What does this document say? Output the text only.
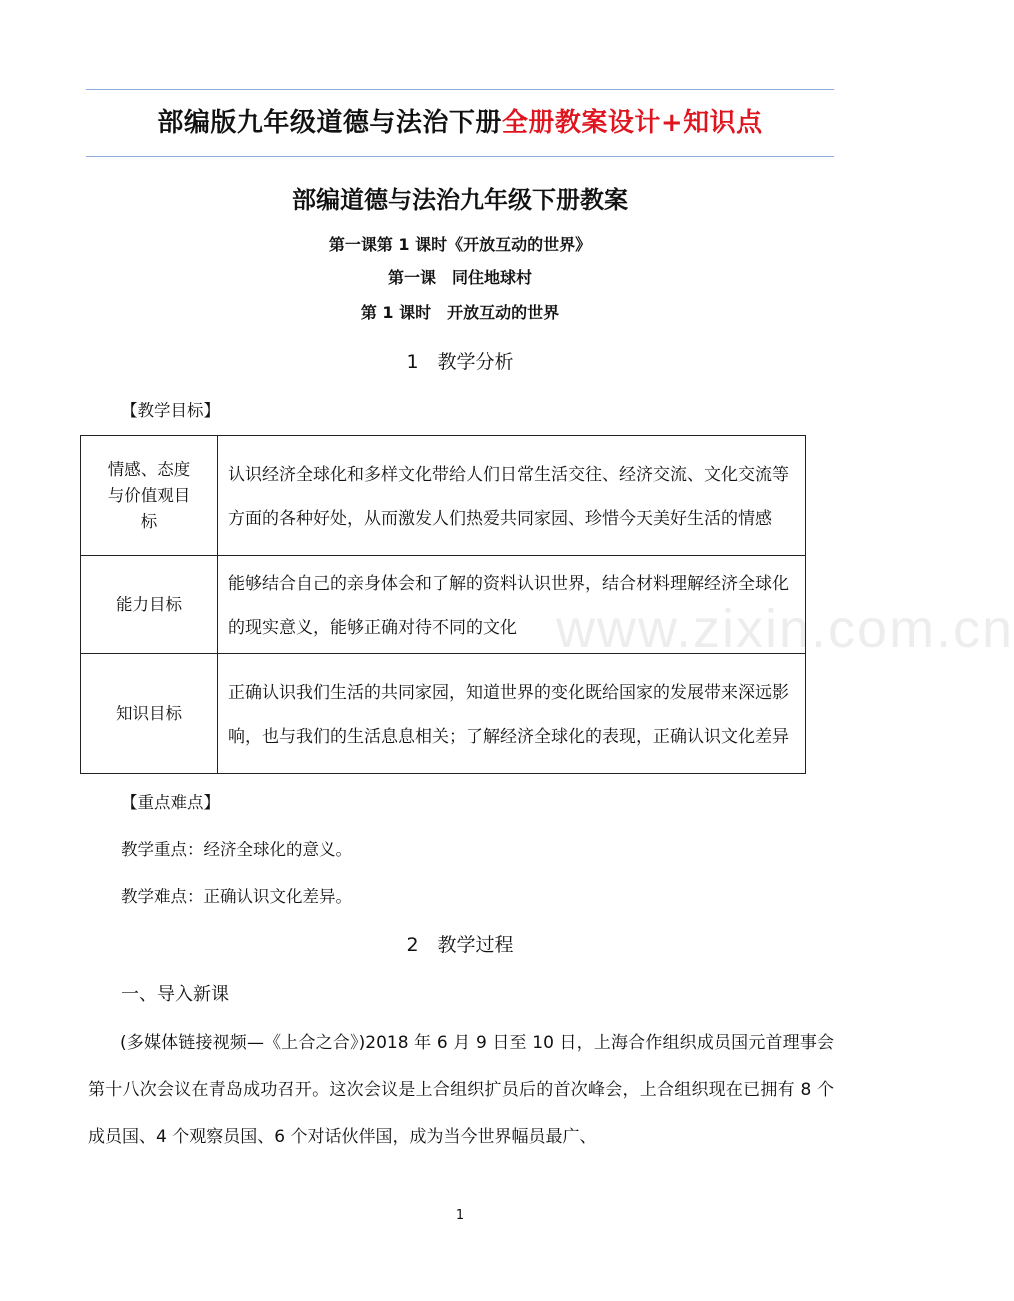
部编版九年级道德与法治下册全册教案设计+知识点
部编道德与法治九年级下册教案
第一课第 1 课时《开放互动的世界》
第一课　同住地球村
第 1 课时　开放互动的世界
1　教学分析
【教学目标】
情感、态度与价值观目标	认识经济全球化和多样文化带给人们日常生活交往、经济交流、文化交流等方面的各种好处，从而激发人们热爱共同家园、珍惜今天美好生活的情感
能力目标	能够结合自己的亲身体会和了解的资料认识世界，结合材料理解经济全球化的现实意义，能够正确对待不同的文化
知识目标	正确认识我们生活的共同家园，知道世界的变化既给国家的发展带来深远影响，也与我们的生活息息相关；了解经济全球化的表现，正确认识文化差异
【重点难点】
教学重点：经济全球化的意义。
教学难点：正确认识文化差异。
2　教学过程
一、导入新课
(多媒体链接视频—《上合之合》)2018 年 6 月 9 日至 10 日，上海合作组织成员国元首理事会第十八次会议在青岛成功召开。这次会议是上合组织扩员后的首次峰会，上合组织现在已拥有 8 个成员国、4 个观察员国、6 个对话伙伴国，成为当今世界幅员最广、
www.zixin.com.cn
1
